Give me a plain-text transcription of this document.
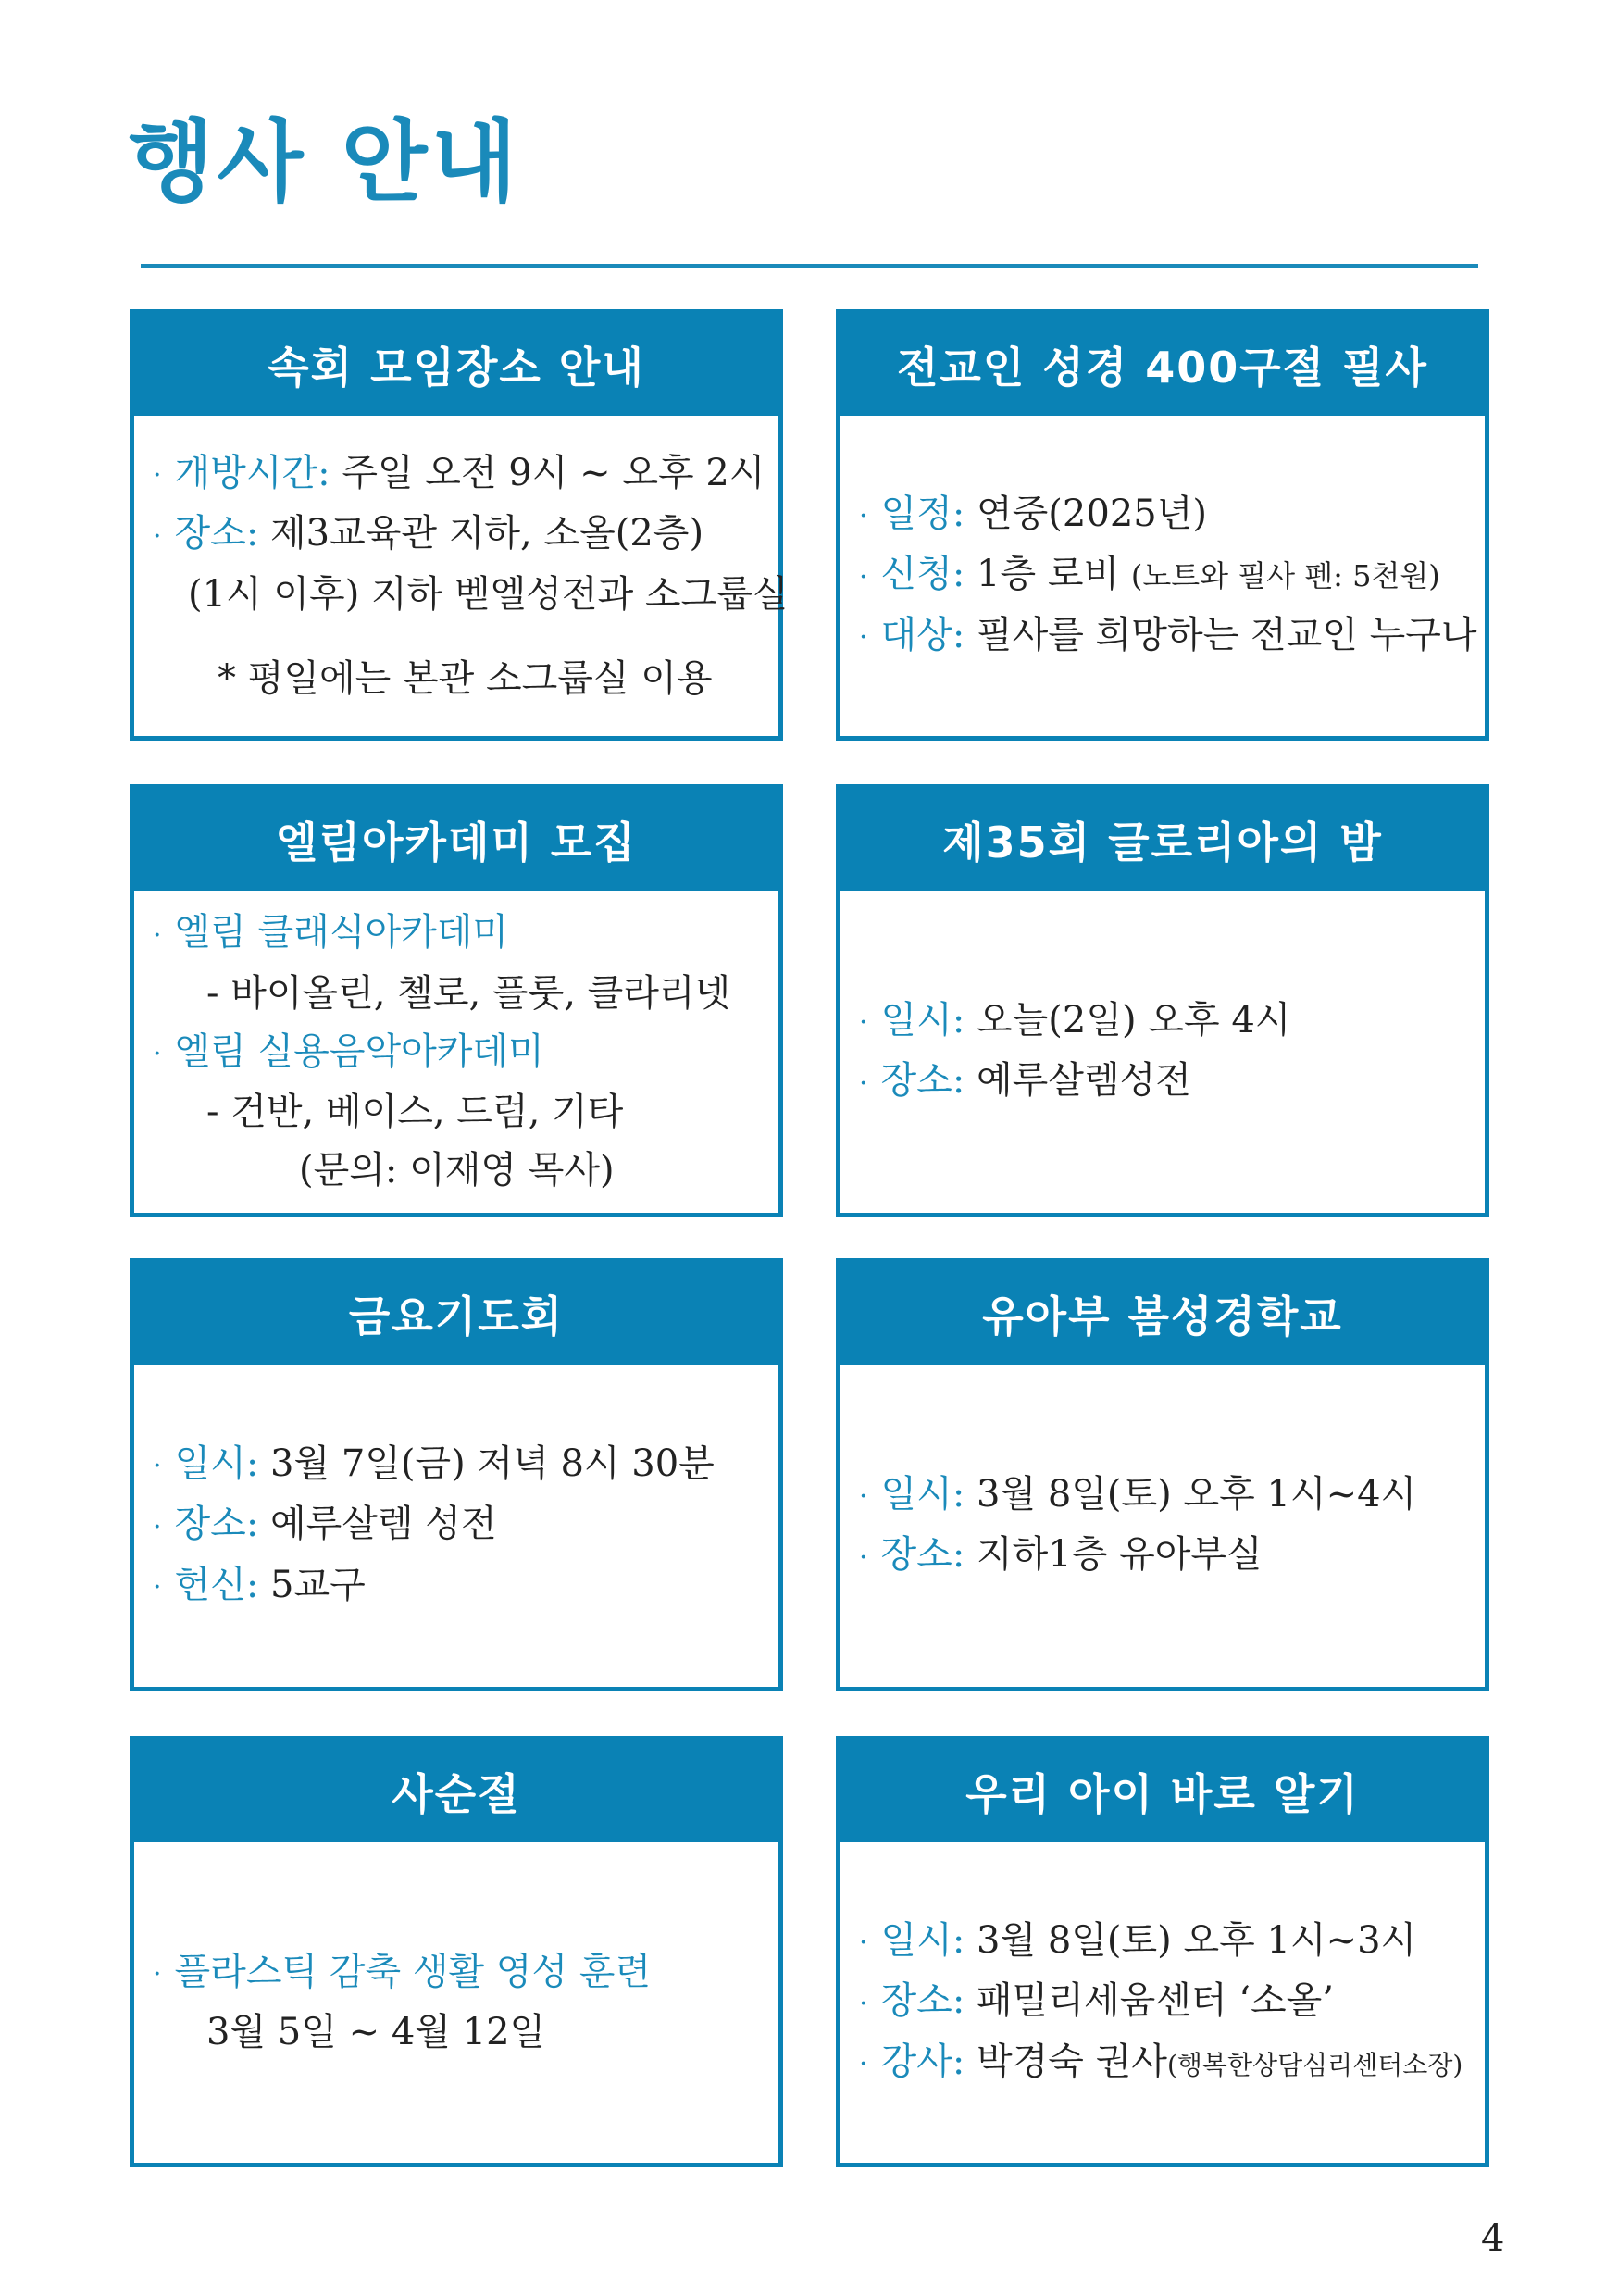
행사 안내
속회 모임장소 안내
· 개방시간: 주일 오전 9시 ~ 오후 2시
· 장소: 제3교육관 지하, 소올(2층)
(1시 이후) 지하 벧엘성전과 소그룹실
* 평일에는 본관 소그룹실 이용
전교인 성경 400구절 필사
· 일정: 연중(2025년)
· 신청: 1층 로비 (노트와 필사 펜: 5천원)
· 대상: 필사를 희망하는 전교인 누구나
엘림아카데미 모집
· 엘림 클래식아카데미
- 바이올린, 첼로, 플룻, 클라리넷
· 엘림 실용음악아카데미
- 건반, 베이스, 드럼, 기타
(문의: 이재영 목사)
제35회 글로리아의 밤
· 일시: 오늘(2일) 오후 4시
· 장소: 예루살렘성전
금요기도회
· 일시: 3월 7일(금) 저녁 8시 30분
· 장소: 예루살렘 성전
· 헌신: 5교구
유아부 봄성경학교
· 일시: 3월 8일(토) 오후 1시~4시
· 장소: 지하1층 유아부실
사순절
· 플라스틱 감축 생활 영성 훈련
3월 5일 ~ 4월 12일
우리 아이 바로 알기
· 일시: 3월 8일(토) 오후 1시~3시
· 장소: 패밀리세움센터 ‘소올’
· 강사: 박경숙 권사(행복한상담심리센터소장)
4
